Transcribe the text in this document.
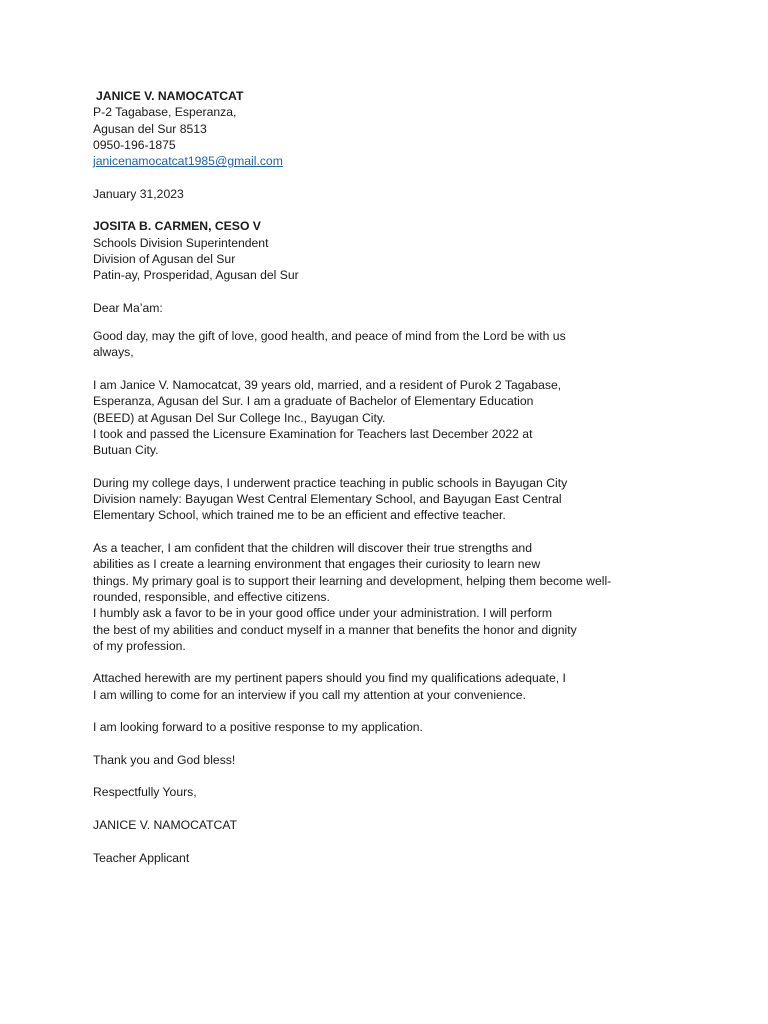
JANICE V. NAMOCATCAT
P-2 Tagabase, Esperanza,
Agusan del Sur 8513
0950-196-1875
janicenamocatcat1985@gmail.com
January 31,2023
JOSITA B. CARMEN, CESO V
Schools Division Superintendent
Division of Agusan del Sur
Patin-ay, Prosperidad, Agusan del Sur
Dear Ma’am:
Good day, may the gift of love, good health, and peace of mind from the Lord be with us
always,
I am Janice V. Namocatcat, 39 years old, married, and a resident of Purok 2 Tagabase,
Esperanza, Agusan del Sur. I am a graduate of Bachelor of Elementary Education
(BEED) at Agusan Del Sur College Inc., Bayugan City.
I took and passed the Licensure Examination for Teachers last December 2022 at
Butuan City.
During my college days, I underwent practice teaching in public schools in Bayugan City
Division namely: Bayugan West Central Elementary School, and Bayugan East Central
Elementary School, which trained me to be an efficient and effective teacher.
As a teacher, I am confident that the children will discover their true strengths and
abilities as I create a learning environment that engages their curiosity to learn new
things. My primary goal is to support their learning and development, helping them become well-
rounded, responsible, and effective citizens.
I humbly ask a favor to be in your good office under your administration. I will perform
the best of my abilities and conduct myself in a manner that benefits the honor and dignity
of my profession.
Attached herewith are my pertinent papers should you find my qualifications adequate, I
I am willing to come for an interview if you call my attention at your convenience.
I am looking forward to a positive response to my application.
Thank you and God bless!
Respectfully Yours,
JANICE V. NAMOCATCAT
Teacher Applicant
